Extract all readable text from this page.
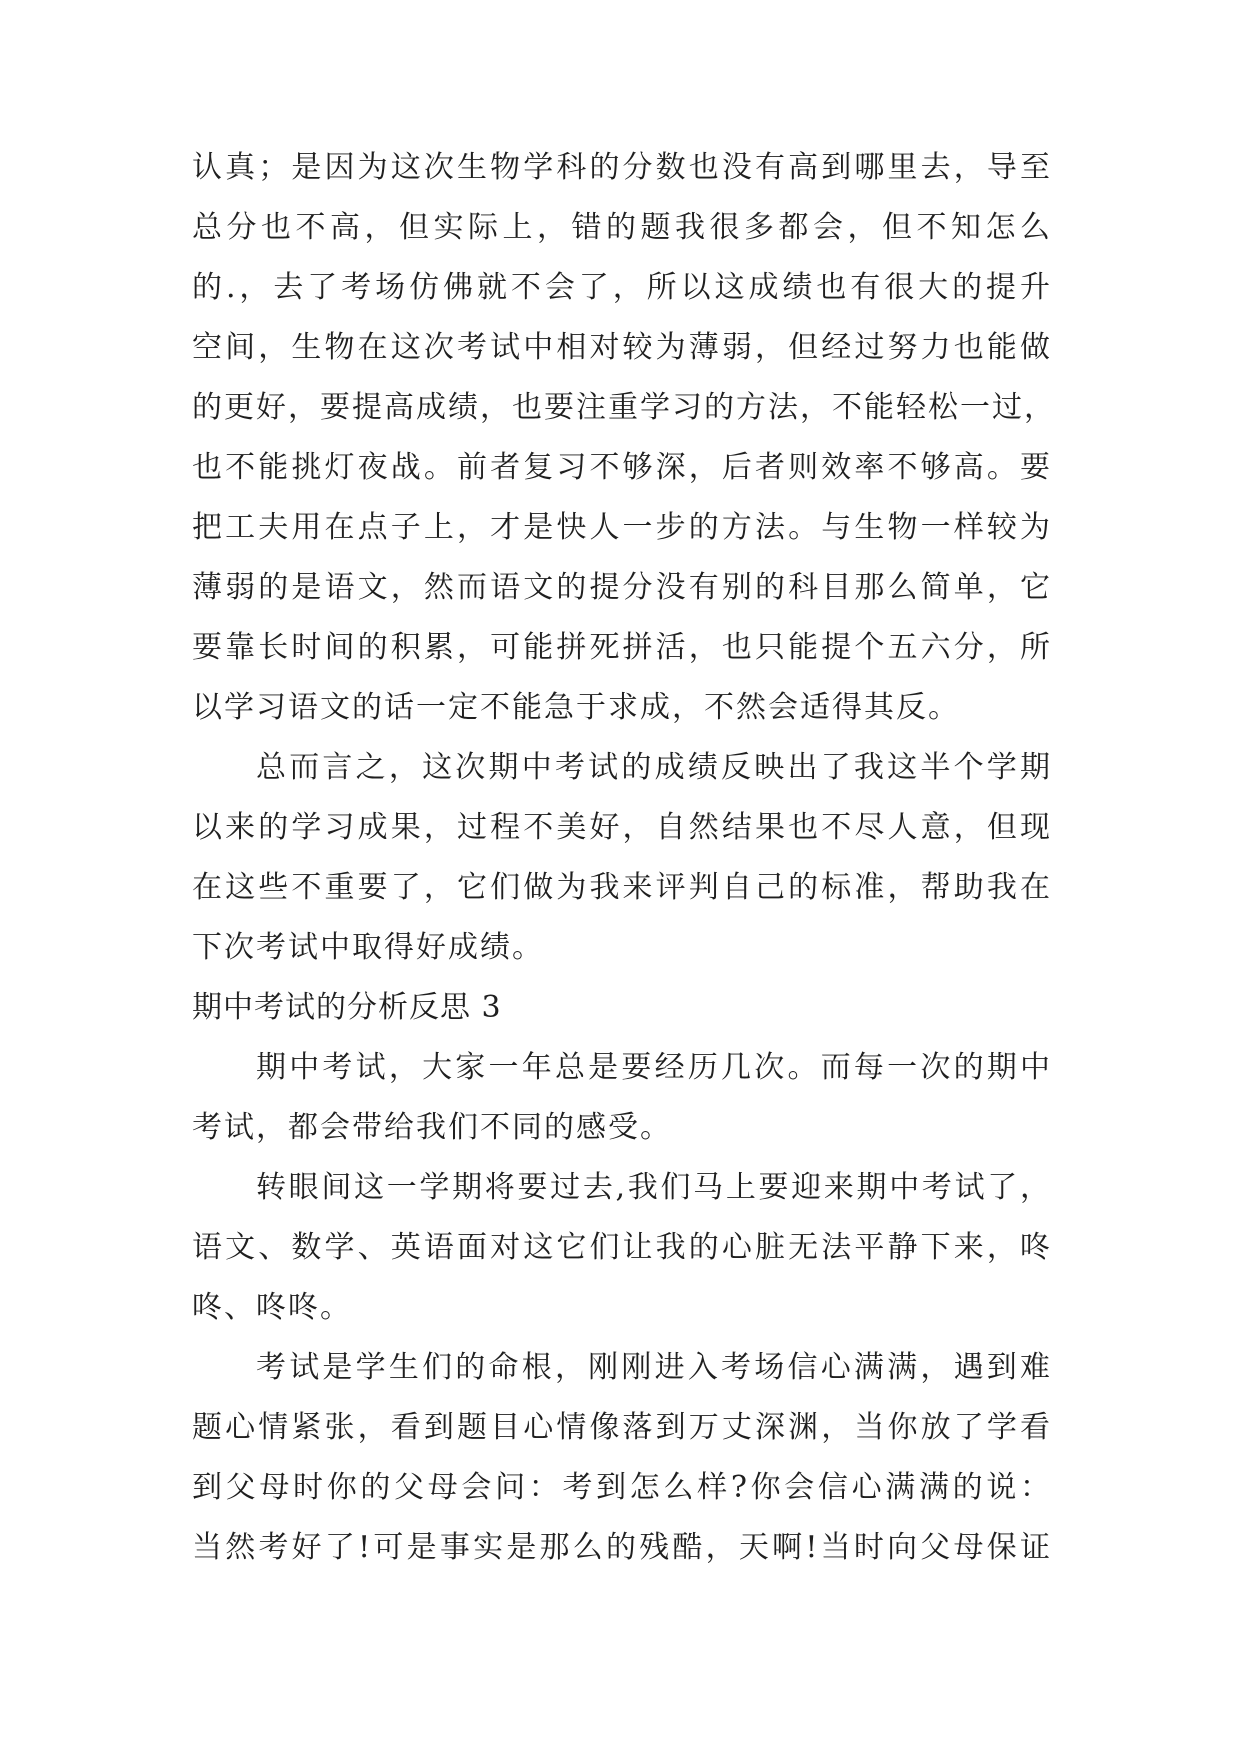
认真；是因为这次生物学科的分数也没有高到哪里去，导至
总分也不高，但实际上，错的题我很多都会，但不知怎么
的.，去了考场仿佛就不会了，所以这成绩也有很大的提升
空间，生物在这次考试中相对较为薄弱，但经过努力也能做
的更好，要提高成绩，也要注重学习的方法，不能轻松一过，
也不能挑灯夜战。前者复习不够深，后者则效率不够高。要
把工夫用在点子上，才是快人一步的方法。与生物一样较为
薄弱的是语文，然而语文的提分没有别的科目那么简单，它
要靠长时间的积累，可能拼死拼活，也只能提个五六分，所
以学习语文的话一定不能急于求成，不然会适得其反。
总而言之，这次期中考试的成绩反映出了我这半个学期
以来的学习成果，过程不美好，自然结果也不尽人意，但现
在这些不重要了，它们做为我来评判自己的标准，帮助我在
下次考试中取得好成绩。
期中考试的分析反思 3
期中考试，大家一年总是要经历几次。而每一次的期中
考试，都会带给我们不同的感受。
转眼间这一学期将要过去,我们马上要迎来期中考试了，
语文、数学、英语面对这它们让我的心脏无法平静下来，咚
咚、咚咚。
考试是学生们的命根，刚刚进入考场信心满满，遇到难
题心情紧张，看到题目心情像落到万丈深渊，当你放了学看
到父母时你的父母会问：考到怎么样?你会信心满满的说：
当然考好了!可是事实是那么的残酷，天啊!当时向父母保证
